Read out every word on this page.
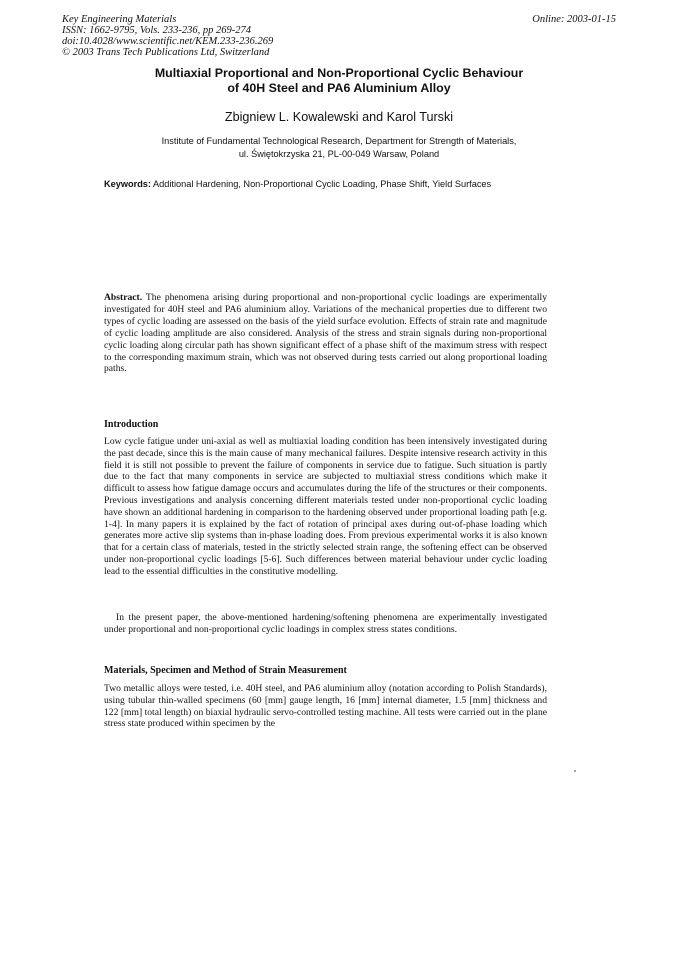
Key Engineering Materials
ISSN: 1662-9795, Vols. 233-236, pp 269-274
doi:10.4028/www.scientific.net/KEM.233-236.269
© 2003 Trans Tech Publications Ltd, Switzerland
Online: 2003-01-15
Multiaxial Proportional and Non-Proportional Cyclic Behaviour
of 40H Steel and PA6 Aluminium Alloy
Zbigniew L. Kowalewski and Karol Turski
Institute of Fundamental Technological Research, Department for Strength of Materials,
ul. Świętokrzyska 21, PL-00-049 Warsaw, Poland
Keywords: Additional Hardening, Non-Proportional Cyclic Loading, Phase Shift, Yield Surfaces
Abstract. The phenomena arising during proportional and non-proportional cyclic loadings are experimentally investigated for 40H steel and PA6 aluminium alloy. Variations of the mechanical properties due to different two types of cyclic loading are assessed on the basis of the yield surface evolution. Effects of strain rate and magnitude of cyclic loading amplitude are also considered. Analysis of the stress and strain signals during non-proportional cyclic loading along circular path has shown significant effect of a phase shift of the maximum stress with respect to the corresponding maximum strain, which was not observed during tests carried out along proportional loading paths.
Introduction
Low cycle fatigue under uni-axial as well as multiaxial loading condition has been intensively investigated during the past decade, since this is the main cause of many mechanical failures. Despite intensive research activity in this field it is still not possible to prevent the failure of components in service due to fatigue. Such situation is partly due to the fact that many components in service are subjected to multiaxial stress conditions which make it difficult to assess how fatigue damage occurs and accumulates during the life of the structures or their components. Previous investigations and analysis concerning different materials tested under non-proportional cyclic loading have shown an additional hardening in comparison to the hardening observed under proportional loading path [e.g. 1-4]. In many papers it is explained by the fact of rotation of principal axes during out-of-phase loading which generates more active slip systems than in-phase loading does. From previous experimental works it is also known that for a certain class of materials, tested in the strictly selected strain range, the softening effect can be observed under non-proportional cyclic loadings [5-6]. Such differences between material behaviour under cyclic loading lead to the essential difficulties in the constitutive modelling.
In the present paper, the above-mentioned hardening/softening phenomena are experimentally investigated under proportional and non-proportional cyclic loadings in complex stress states conditions.
Materials, Specimen and Method of Strain Measurement
Two metallic alloys were tested, i.e. 40H steel, and PA6 aluminium alloy (notation according to Polish Standards), using tubular thin-walled specimens (60 [mm] gauge length, 16 [mm] internal diameter, 1.5 [mm] thickness and 122 [mm] total length) on biaxial hydraulic servo-controlled testing machine. All tests were carried out in the plane stress state produced within specimen by the
